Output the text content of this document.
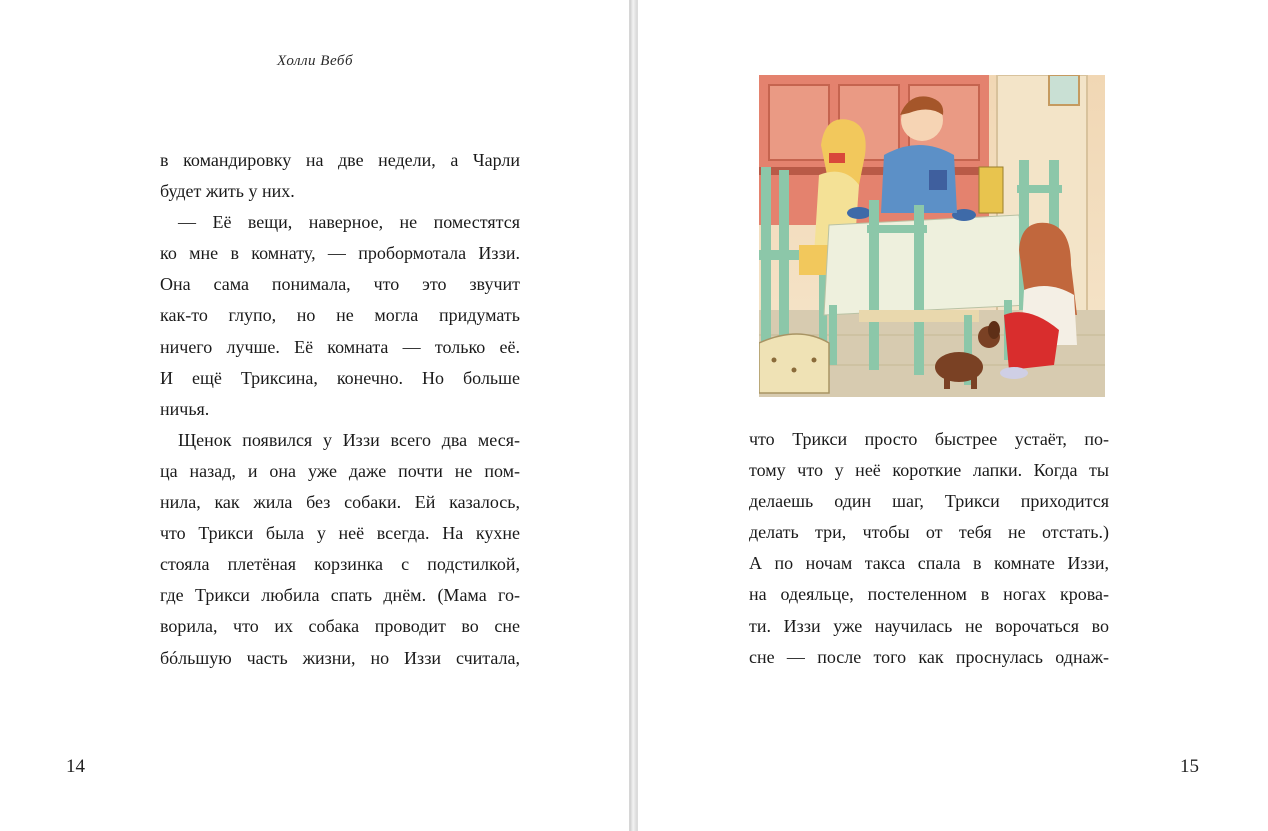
Холли Вебб
в командировку на две недели, а Чарли
будет жить у них.
— Её вещи, наверное, не поместятся
ко мне в комнату, — пробормотала Иззи.
Она сама понимала, что это звучит
как-то глупо, но не могла придумать
ничего лучше. Её комната — только её.
И ещё Триксина, конечно. Но больше
ничья.
Щенок появился у Иззи всего два меся-
ца назад, и она уже даже почти не пом-
нила, как жила без собаки. Ей казалось,
что Трикси была у неё всегда. На кухне
стояла плетёная корзинка с подстилкой,
где Трикси любила спать днём. (Мама го-
ворила, что их собака проводит во сне
бóльшую часть жизни, но Иззи считала,
что Трикси просто быстрее устаёт, по-
тому что у неё короткие лапки. Когда ты
делаешь один шаг, Трикси приходится
делать три, чтобы от тебя не отстать.)
А по ночам такса спала в комнате Иззи,
на одеяльце, постеленном в ногах крова-
ти. Иззи уже научилась не ворочаться во
сне — после того как проснулась однаж-
14	15
